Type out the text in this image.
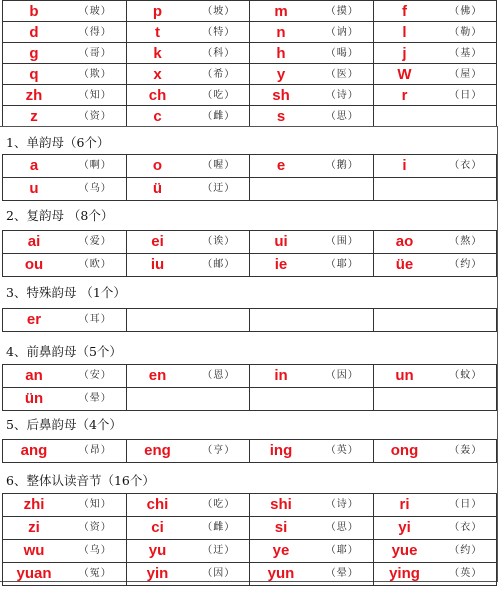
b	（玻）	p	（坡）	m	（摸）	f	（佛）
d	（得）	t	（特）	n	（讷）	l	（勒）
g	（哥）	k	（科）	h	（喝）	j	（基）
q	（欺）	x	（希）	y	（医）	W	（屋）
zh	（知）	ch	（吃）	sh	（诗）	r	（日）
z	（资）	c	（雌）	s	（思）
1、单韵母（6个）
a	（啊）	o	（喔）	e	（鹅）	i	（衣）
u	（乌）	ü	（迂）
2、复韵母 （8个）
ai	（爱）	ei	（诶）	ui	（围）	ao	（熬）
ou	（欧）	iu	（邮）	ie	（耶）	üe	（约）
3、特殊韵母 （1个）
er	（耳）
4、前鼻韵母（5个）
an	（安）	en	（恩）	in	（因）	un	（蚊）
ün	（晕）
5、后鼻韵母（4个）
ang	（昂）	eng	（亨）	ing	（英）	ong	（轰）
6、整体认读音节（16个）
zhi	（知）	chi	（吃）	shi	（诗）	ri	（日）
zi	（资）	ci	（雌）	si	（思）	yi	（衣）
wu	（乌）	yu	（迂）	ye	（耶）	yue	（约）
yuan	（冤）	yin	（因）	yun	（晕）	ying	（英）
